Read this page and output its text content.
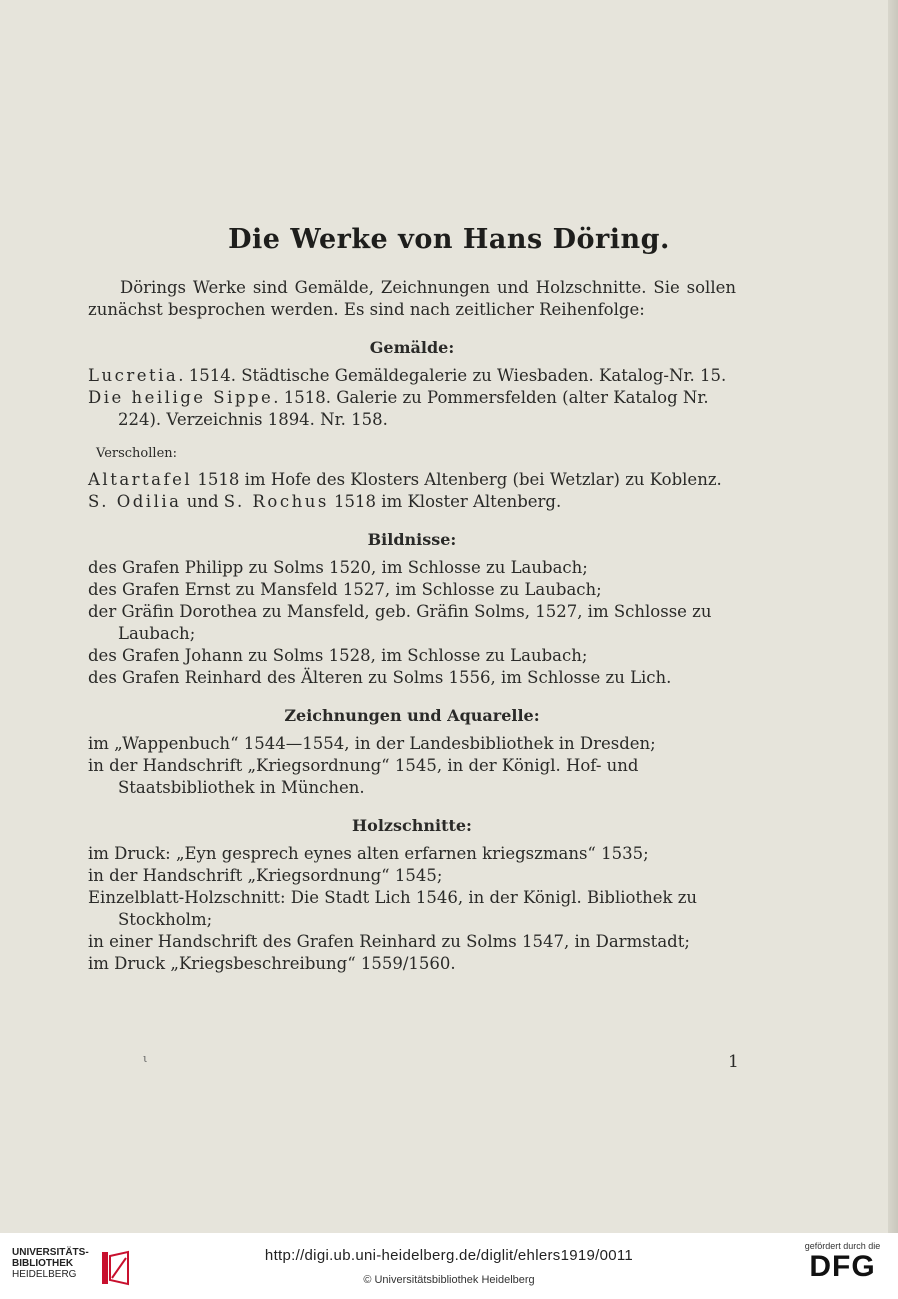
Die Werke von Hans Döring.

Dörings Werke sind Gemälde, Zeichnungen und Holzschnitte. Sie sollen zunächst besprochen werden. Es sind nach zeitlicher Reihenfolge:

Gemälde:

Lucretia. 1514. Städtische Gemäldegalerie zu Wiesbaden. Katalog-Nr. 15.

Die heilige Sippe. 1518. Galerie zu Pommersfelden (alter Katalog Nr. 224). Verzeichnis 1894. Nr. 158.

Verschollen:

Altartafel 1518 im Hofe des Klosters Altenberg (bei Wetzlar) zu Koblenz.

S. Odilia und S. Rochus 1518 im Kloster Altenberg.

Bildnisse:

des Grafen Philipp zu Solms 1520, im Schlosse zu Laubach;

des Grafen Ernst zu Mansfeld 1527, im Schlosse zu Laubach;

der Gräfin Dorothea zu Mansfeld, geb. Gräfin Solms, 1527, im Schlosse zu Laubach;

des Grafen Johann zu Solms 1528, im Schlosse zu Laubach;

des Grafen Reinhard des Älteren zu Solms 1556, im Schlosse zu Lich.

Zeichnungen und Aquarelle:

im „Wappenbuch“ 1544—1554, in der Landesbibliothek in Dresden;

in der Handschrift „Kriegsordnung“ 1545, in der Königl. Hof- und Staatsbibliothek in München.

Holzschnitte:

im Druck: „Eyn gesprech eynes alten erfarnen kriegszmans“ 1535;

in der Handschrift „Kriegsordnung“ 1545;

Einzelblatt-Holzschnitt: Die Stadt Lich 1546, in der Königl. Bibliothek zu Stockholm;

in einer Handschrift des Grafen Reinhard zu Solms 1547, in Darmstadt;

im Druck „Kriegsbeschreibung“ 1559/1560.

ι	1
UNIVERSITÄTS-
BIBLIOTHEK
HEIDELBERG
http://digi.ub.uni-heidelberg.de/diglit/ehlers1919/0011
© Universitätsbibliothek Heidelberg
gefördert durch die
DFG
